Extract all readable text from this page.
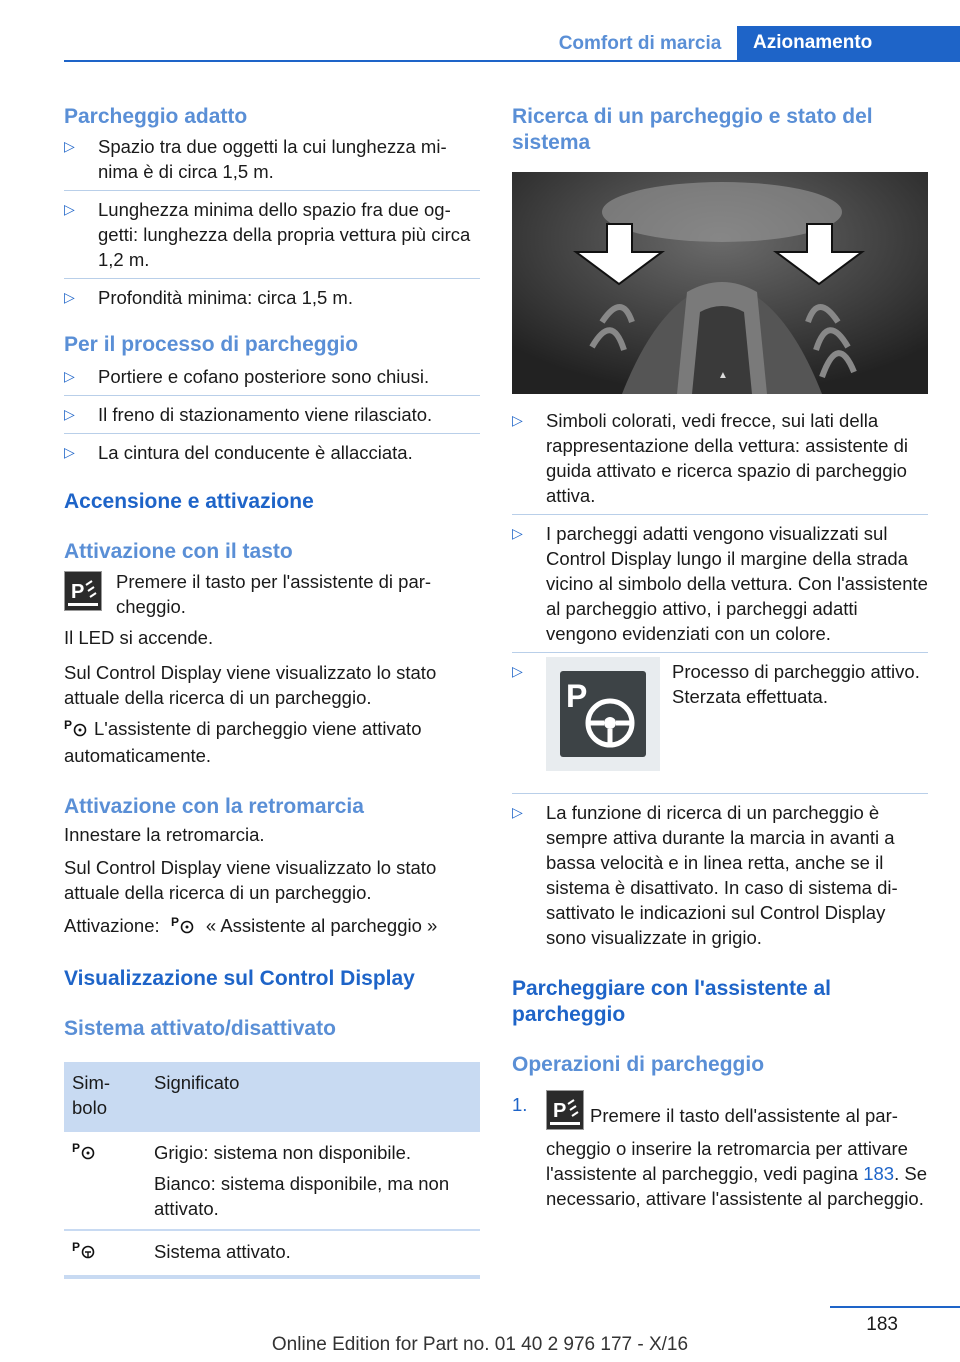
Comfort di marcia	Azionamento
Parcheggio adatto
▷ Spazio tra due oggetti la cui lunghezza minima è di circa 1,5 m.
▷ Lunghezza minima dello spazio fra due oggetti: lunghezza della propria vettura più circa 1,2 m.
▷ Profondità minima: circa 1,5 m.
Per il processo di parcheggio
▷ Portiere e cofano posteriore sono chiusi.
▷ Il freno di stazionamento viene rilasciato.
▷ La cintura del conducente è allacciata.
Accensione e attivazione
Attivazione con il tasto
P	Premere il tasto per l'assistente di parcheggio.

Il LED si accende.

Sul Control Display viene visualizzato lo stato attuale della ricerca di un parcheggio.

P L'assistente di parcheggio viene attivato automaticamente.

Attivazione con la retromarcia

Innestare la retromarcia.

Sul Control Display viene visualizzato lo stato attuale della ricerca di un parcheggio.

Attivazione: P « Assistente al parcheggio »

Visualizzazione sul Control Display
Sistema attivato/disattivato
Simbolo	Significato

P	Grigio: sistema non disponibile.
Bianco: sistema disponibile, ma non attivato.

P	Sistema attivato.
Ricerca di un parcheggio e stato del sistema
▲
▷ Simboli colorati, vedi frecce, sui lati della rappresentazione della vettura: assistente di guida attivato e ricerca spazio di parcheggio attiva.
▷ I parcheggi adatti vengono visualizzati sul Control Display lungo il margine della strada vicino al simbolo della vettura. Con l'assistente al parcheggio attivo, i parcheggi adatti vengono evidenziati con un colore.
▷
P
Processo di parcheggio attivo. Sterzata effettuata.
▷ La funzione di ricerca di un parcheggio è sempre attiva durante la marcia in avanti a bassa velocità e in linea retta, anche se il sistema è disattivato. In caso di sistema disattivato le indicazioni sul Control Display sono visualizzate in grigio.
Parcheggiare con l'assistente al parcheggio
Operazioni di parcheggio
1. P Premere il tasto dell'assistente al parcheggio o inserire la retromarcia per attivare l'assistente al parcheggio, vedi pagina 183. Se necessario, attivare l'assistente al parcheggio.

183
Online Edition for Part no. 01 40 2 976 177 - X/16
